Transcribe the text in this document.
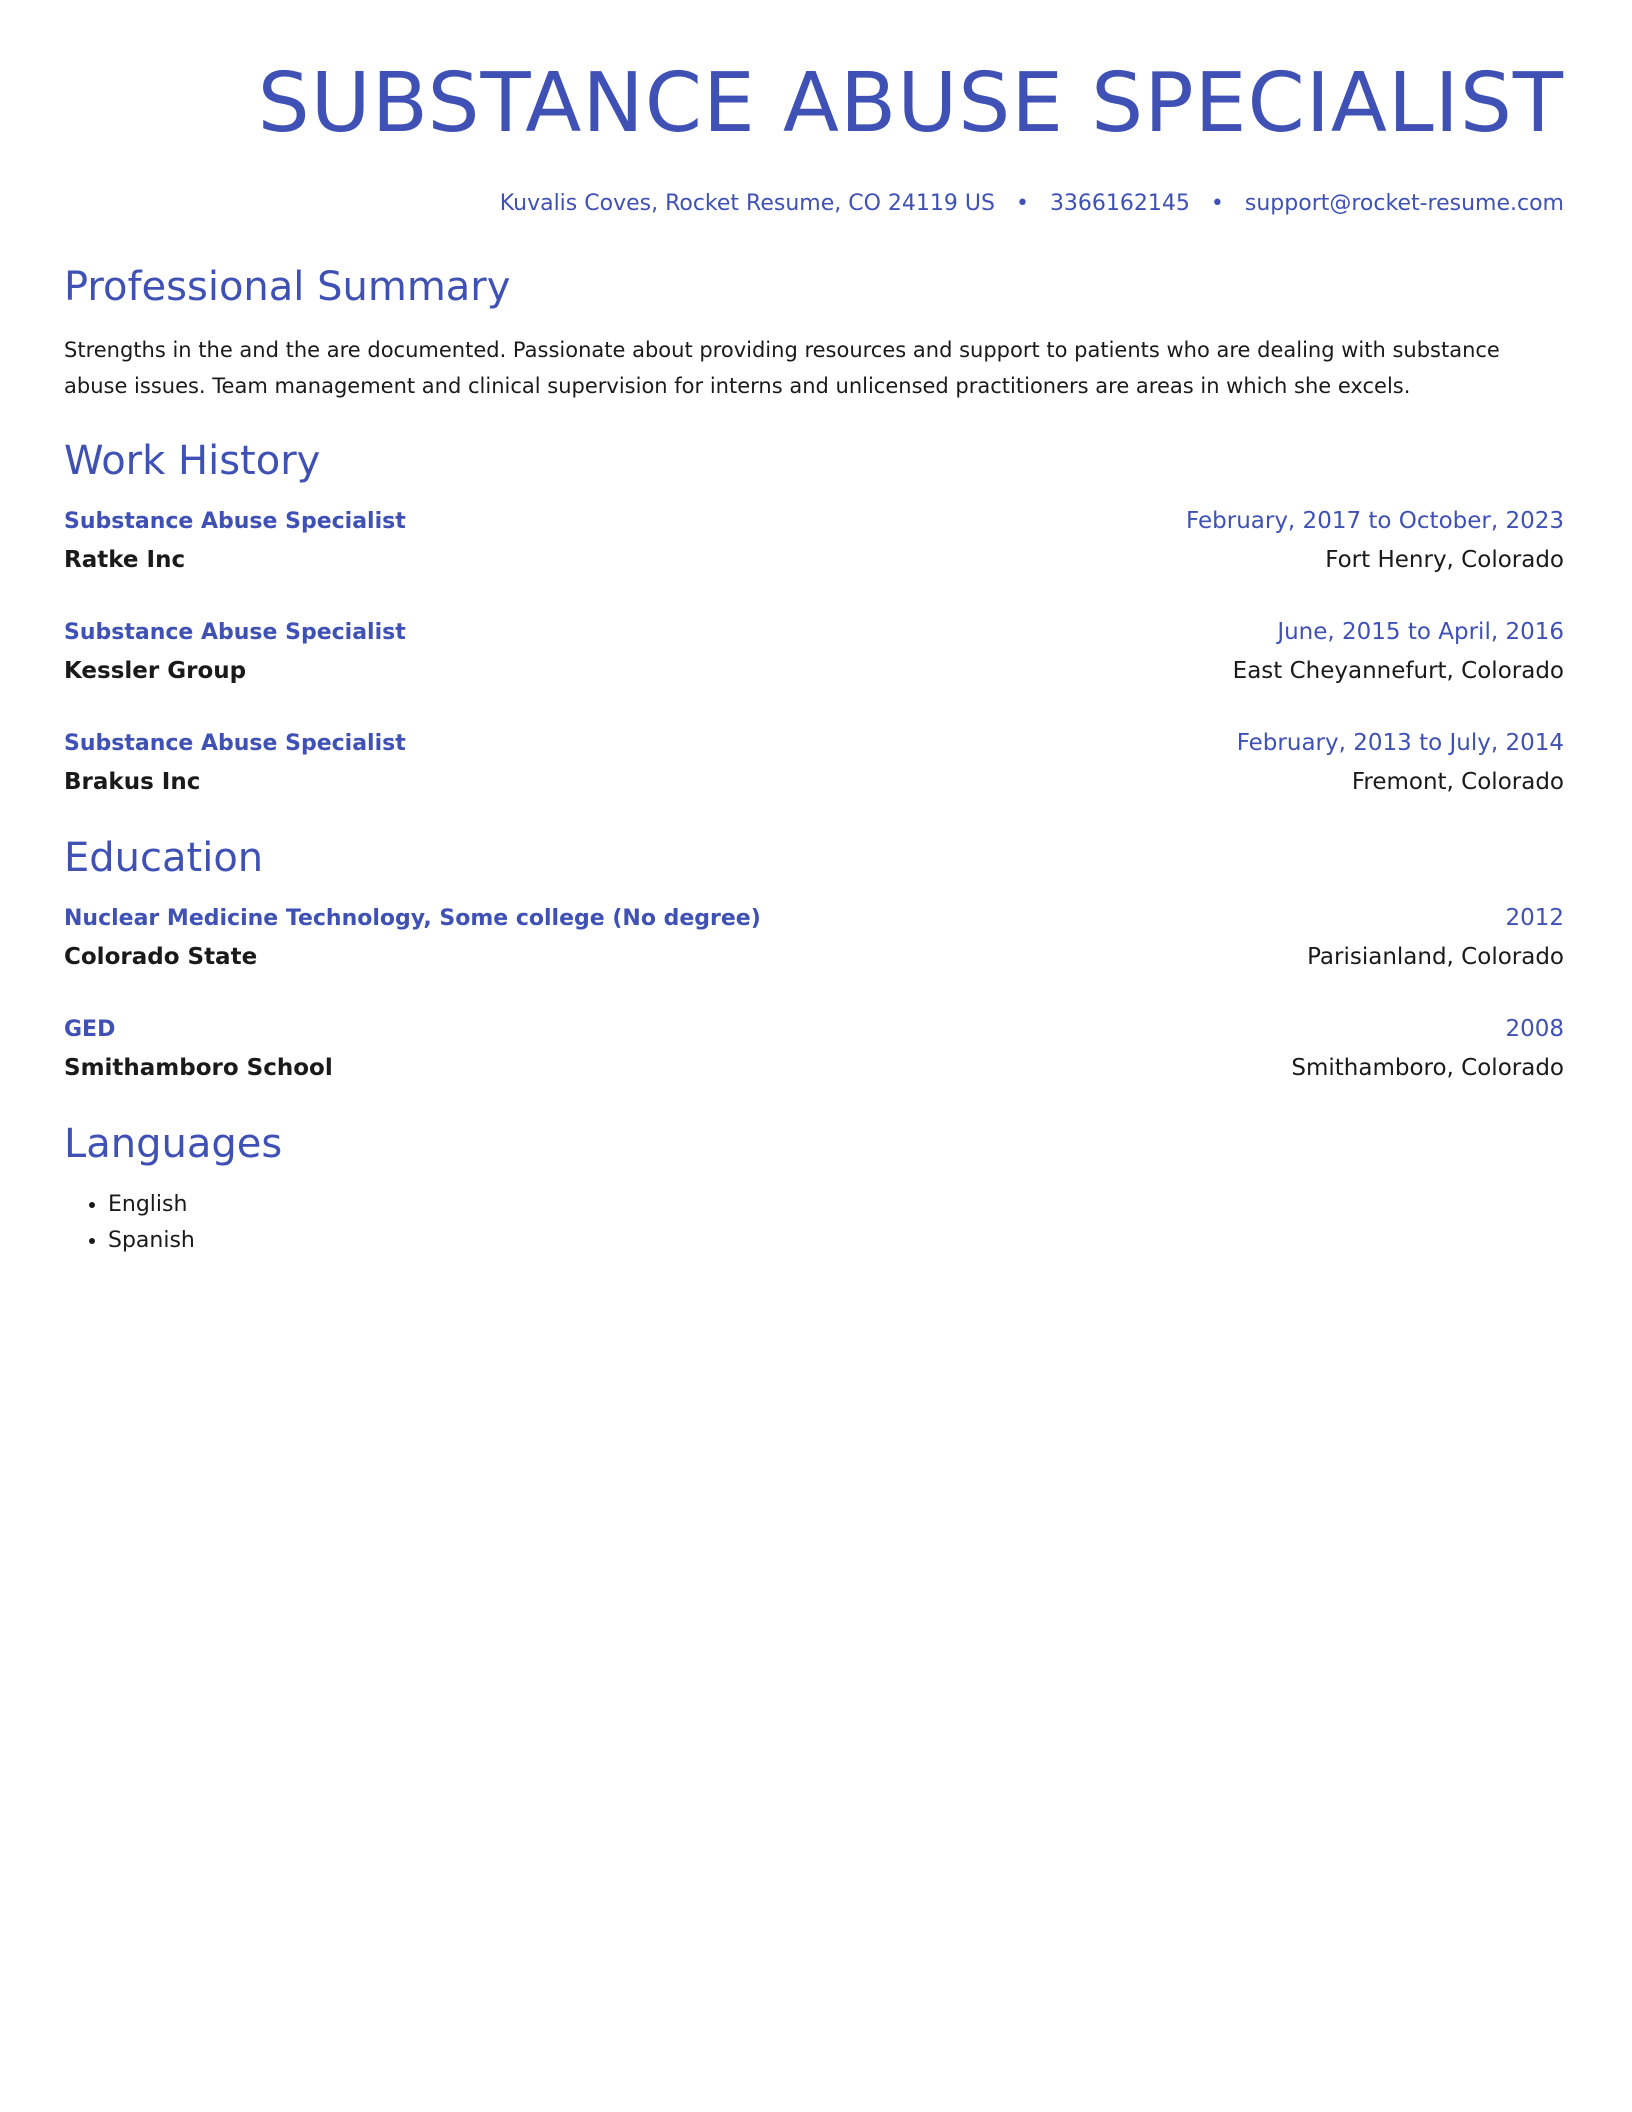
SUBSTANCE ABUSE SPECIALIST
Kuvalis Coves, Rocket Resume, CO 24119 US • 3366162145 • support@rocket-resume.com
Professional Summary
Strengths in the and the are documented. Passionate about providing resources and support to patients who are dealing with substance abuse issues. Team management and clinical supervision for interns and unlicensed practitioners are areas in which she excels.
Work History
Substance Abuse Specialist	February, 2017 to October, 2023
Ratke Inc	Fort Henry, Colorado
Substance Abuse Specialist	June, 2015 to April, 2016
Kessler Group	East Cheyannefurt, Colorado
Substance Abuse Specialist	February, 2013 to July, 2014
Brakus Inc	Fremont, Colorado
Education
Nuclear Medicine Technology, Some college (No degree)	2012
Colorado State	Parisianland, Colorado
GED	2008
Smithamboro School	Smithamboro, Colorado
Languages
• English
• Spanish
